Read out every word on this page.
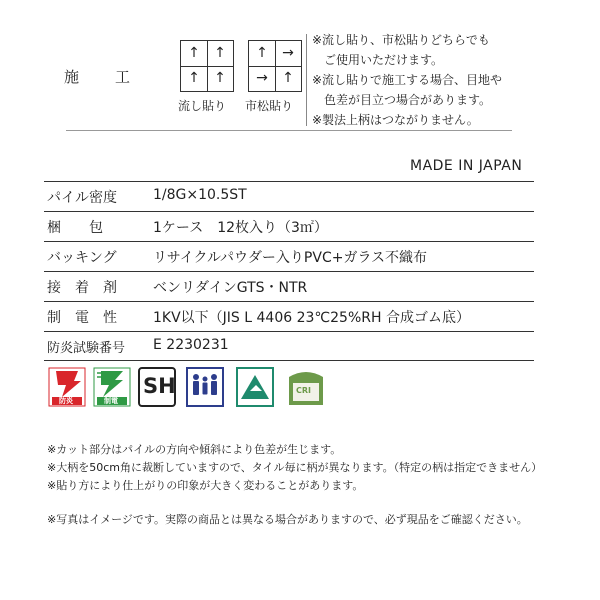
施　　工
↑	↑
↑	↑
流し貼り
↑	→
→	↑
市松貼り
※流し貼り、市松貼りどちらでも
　ご使用いただけます。
※流し貼りで施工する場合、目地や
　色差が目立つ場合があります。
※製法上柄はつながりません。
MADE IN JAPAN
パイル密度	1/8G×10.5ST
梱　　包	1ケース　12枚入り（3㎡）
バッキング	リサイクルパウダー入りPVC+ガラス不織布
接　着　剤	ベンリダインGTS・NTR
制　電　性	1KV以下（JIS L 4406 23℃25%RH 合成ゴム底）
防炎試験番号 E 2230231
防炎	制電
SH	CRI
※カット部分はパイルの方向や傾斜により色差が生じます。
※大柄を50cm角に裁断していますので、タイル毎に柄が異なります。（特定の柄は指定できません）
※貼り方により仕上がりの印象が大きく変わることがあります。
※写真はイメージです。実際の商品とは異なる場合がありますので、必ず現品をご確認ください。
